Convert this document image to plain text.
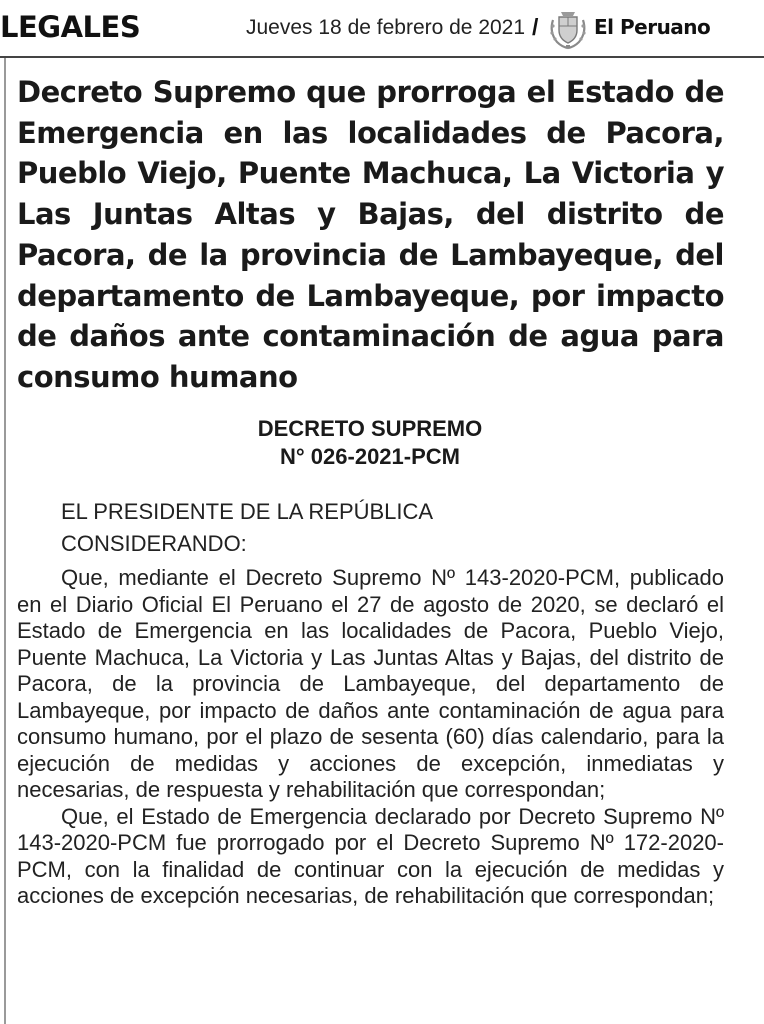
LEGALES	Jueves 18 de febrero de 2021 /	El Peruano
Decreto Supremo que prorroga el Estado de Emergencia en las localidades de Pacora, Pueblo Viejo, Puente Machuca, La Victoria y Las Juntas Altas y Bajas, del distrito de Pacora, de la provincia de Lambayeque, del departamento de Lambayeque, por impacto de daños ante contaminación de agua para consumo humano
DECRETO SUPREMO
N° 026-2021-PCM

EL PRESIDENTE DE LA REPÚBLICA

CONSIDERANDO:

Que, mediante el Decreto Supremo Nº 143-2020-PCM, publicado en el Diario Oficial El Peruano el 27 de agosto de 2020, se declaró el Estado de Emergencia en las localidades de Pacora, Pueblo Viejo, Puente Machuca, La Victoria y Las Juntas Altas y Bajas, del distrito de Pacora, de la provincia de Lambayeque, del departamento de Lambayeque, por impacto de daños ante contaminación de agua para consumo humano, por el plazo de sesenta (60) días calendario, para la ejecución de medidas y acciones de excepción, inmediatas y necesarias, de respuesta y rehabilitación que correspondan;

Que, el Estado de Emergencia declarado por Decreto Supremo Nº 143-2020-PCM fue prorrogado por el Decreto Supremo Nº 172-2020-PCM, con la finalidad de continuar con la ejecución de medidas y acciones de excepción necesarias, de rehabilitación que correspondan;
